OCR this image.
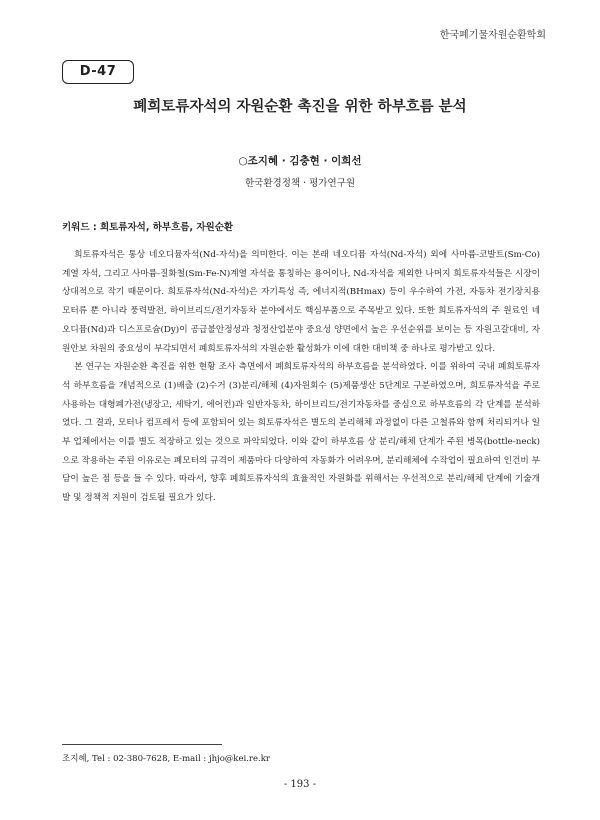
한국폐기물자원순환학회
D-47
폐희토류자석의 자원순환 촉진을 위한 하부흐름 분석
○조지혜 · 김충현 · 이희선
한국환경정책 · 평가연구원
키워드 : 희토류자석, 하부흐름, 자원순환

희토류자석은 통상 네오디뮴자석(Nd-자석)을 의미한다. 이는 본래 네오디뮴 자석(Nd-자석) 외에 사마륨-코발트(Sm-Co) 계열 자석, 그리고 사마륨-질화철(Sm-Fe-N)계열 자석을 통칭하는 용어이나, Nd-자석을 제외한 나머지 희토류자석들은 시장이 상대적으로 작기 때문이다. 희토류자석(Nd-자석)은 자기특성 즉, 에너지적(BHmax) 등이 우수하여 가전, 자동차 전기장치용 모터류 뿐 아니라 풍력발전, 하이브리드/전기자동차 분야에서도 핵심부품으로 주목받고 있다. 또한 희토류자석의 주 원료인 네오디뮴(Nd)과 디스프로슘(Dy)이 공급불안정성과 청정산업분야 중요성 양면에서 높은 우선순위를 보이는 등 자원고갈대비, 자원안보 차원의 중요성이 부각되면서 폐희토류자석의 자원순환 활성화가 이에 대한 대비책 중 하나로 평가받고 있다.

본 연구는 자원순환 촉진을 위한 현황 조사 측면에서 폐희토류자석의 하부흐름을 분석하였다. 이를 위하여 국내 폐희토류자석 하부흐름을 개념적으로 (1)배출 (2)수거 (3)분리/해체 (4)자원회수 (5)제품생산 5단계로 구분하였으며, 희토류자석을 주로 사용하는 대형폐가전(냉장고, 세탁기, 에어컨)과 일반자동차, 하이브리드/전기자동차를 중심으로 하부흐름의 각 단계를 분석하였다. 그 결과, 모터나 컴프레서 등에 포함되어 있는 희토류자석은 별도의 분리해체 과정없이 다른 고철류와 함께 처리되거나 일부 업체에서는 이를 별도 적장하고 있는 것으로 파악되었다. 이와 같이 하부흐름 상 분리/해체 단계가 주된 병목(bottle-neck)으로 작용하는 주된 이유로는 폐모터의 규격이 제품마다 다양하여 자동화가 어려우며, 분리해체에 수작업이 필요하여 인건비 부담이 높은 점 등을 들 수 있다. 따라서, 향후 폐희토류자석의 효율적인 자원화를 위해서는 우선적으로 분리/해체 단계에 기술개발 및 정책적 지원이 검토될 필요가 있다.

조지혜, Tel : 02-380-7628, E-mail : jhjo@kei.re.kr
- 193 -
